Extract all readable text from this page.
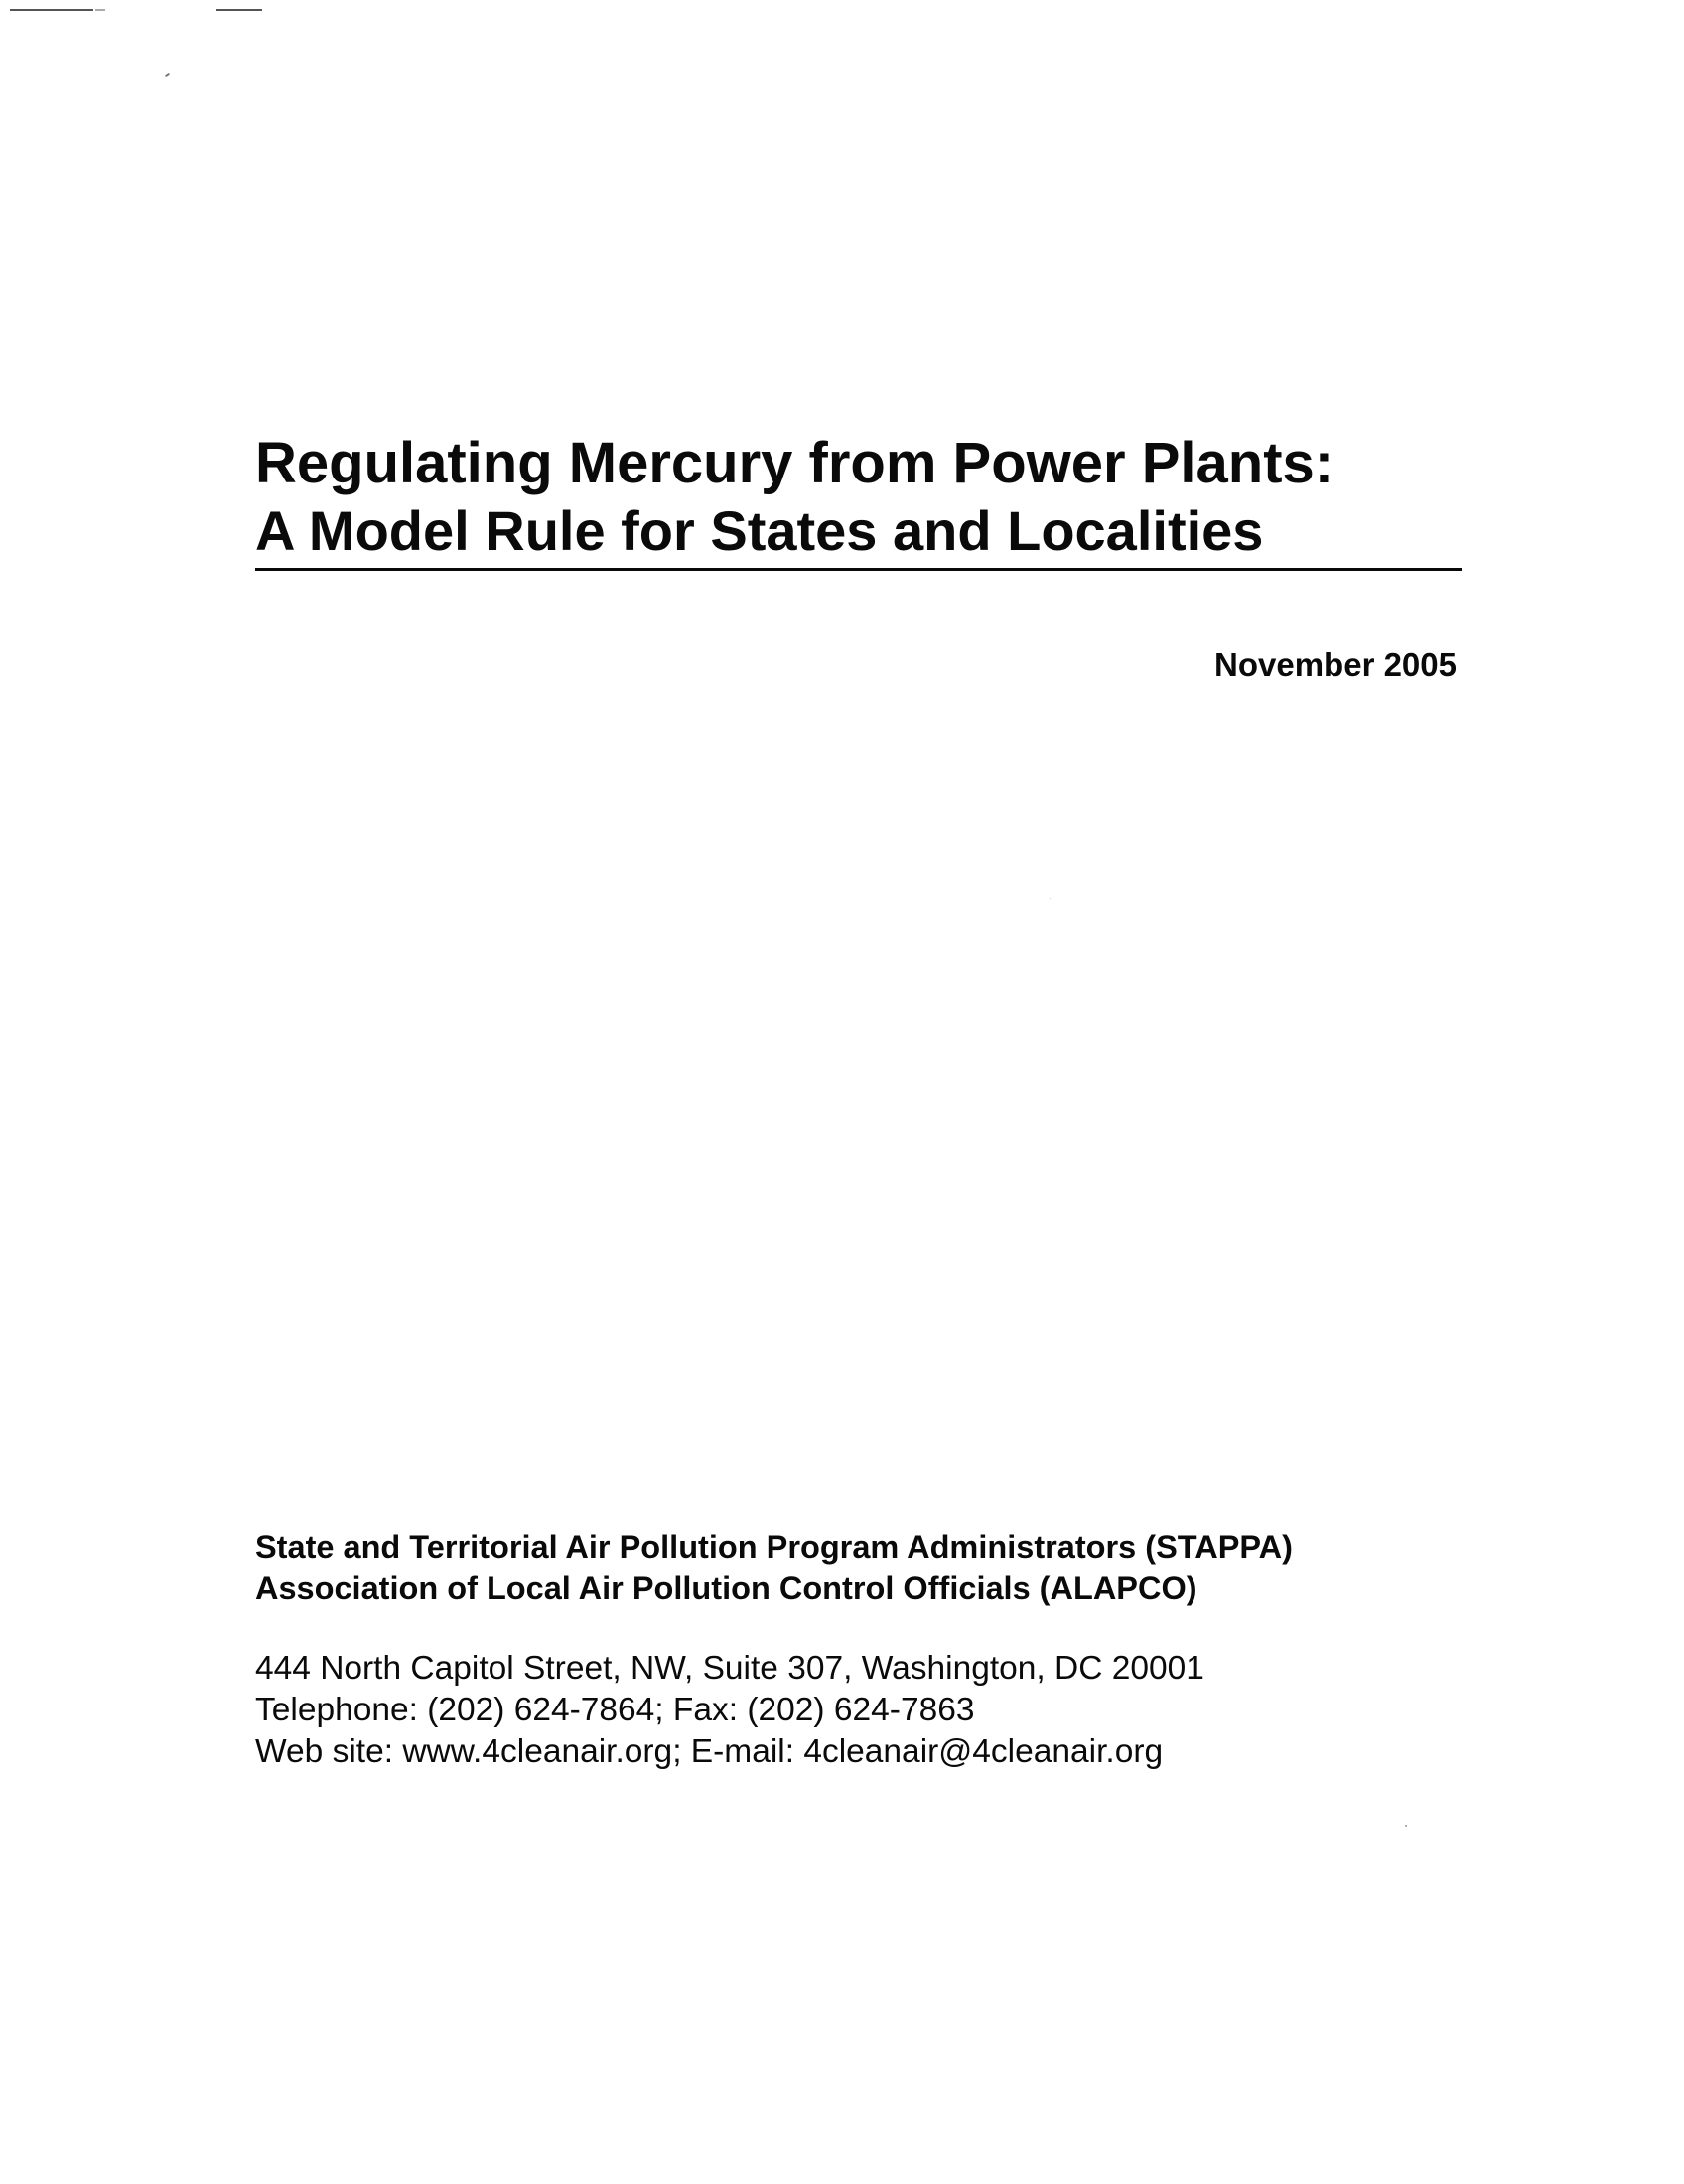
Regulating Mercury from Power Plants:
A Model Rule for States and Localities
November 2005
State and Territorial Air Pollution Program Administrators (STAPPA)
Association of Local Air Pollution Control Officials (ALAPCO)
444 North Capitol Street, NW, Suite 307, Washington, DC 20001
Telephone: (202) 624-7864; Fax: (202) 624-7863
Web site: www.4cleanair.org; E-mail: 4cleanair@4cleanair.org
